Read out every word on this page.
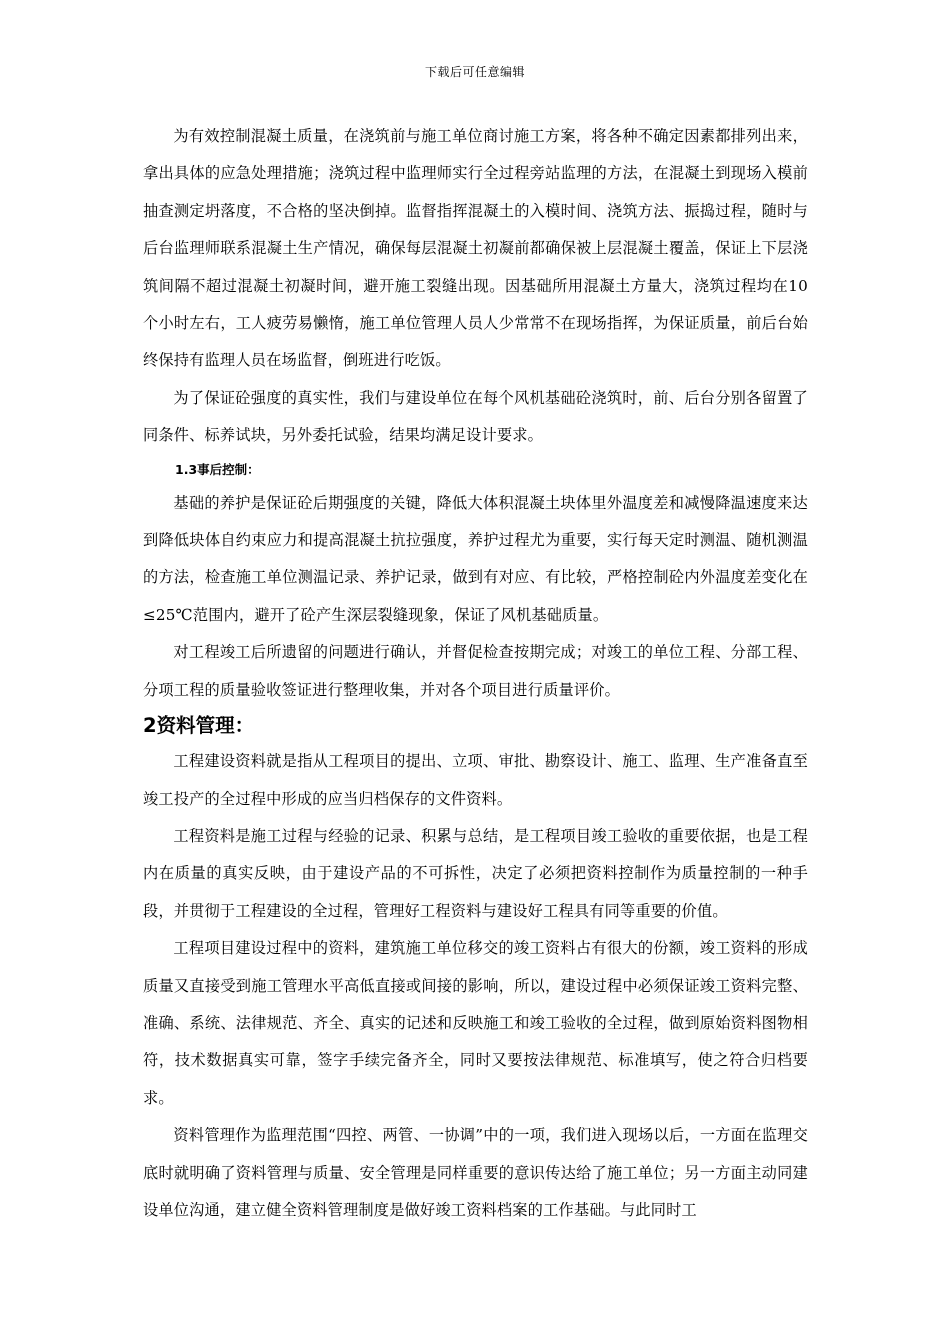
下载后可任意编辑

为有效控制混凝土质量，在浇筑前与施工单位商讨施工方案，将各种不确定因素都排列出来，拿出具体的应急处理措施；浇筑过程中监理师实行全过程旁站监理的方法，在混凝土到现场入模前抽查测定坍落度，不合格的坚决倒掉。监督指挥混凝土的入模时间、浇筑方法、振捣过程，随时与后台监理师联系混凝土生产情况，确保每层混凝土初凝前都确保被上层混凝土覆盖，保证上下层浇筑间隔不超过混凝土初凝时间，避开施工裂缝出现。因基础所用混凝土方量大，浇筑过程均在10个小时左右，工人疲劳易懒惰，施工单位管理人员人少常常不在现场指挥，为保证质量，前后台始终保持有监理人员在场监督，倒班进行吃饭。

为了保证砼强度的真实性，我们与建设单位在每个风机基础砼浇筑时，前、后台分别各留置了同条件、标养试块，另外委托试验，结果均满足设计要求。

1.3事后控制：

基础的养护是保证砼后期强度的关键，降低大体积混凝土块体里外温度差和减慢降温速度来达到降低块体自约束应力和提高混凝土抗拉强度，养护过程尤为重要，实行每天定时测温、随机测温的方法，检查施工单位测温记录、养护记录，做到有对应、有比较，严格控制砼内外温度差变化在≤25℃范围内，避开了砼产生深层裂缝现象，保证了风机基础质量。

对工程竣工后所遗留的问题进行确认，并督促检查按期完成；对竣工的单位工程、分部工程、分项工程的质量验收签证进行整理收集，并对各个项目进行质量评价。

2资料管理：

工程建设资料就是指从工程项目的提出、立项、审批、勘察设计、施工、监理、生产准备直至竣工投产的全过程中形成的应当归档保存的文件资料。

工程资料是施工过程与经验的记录、积累与总结，是工程项目竣工验收的重要依据，也是工程内在质量的真实反映，由于建设产品的不可拆性，决定了必须把资料控制作为质量控制的一种手段，并贯彻于工程建设的全过程，管理好工程资料与建设好工程具有同等重要的价值。

工程项目建设过程中的资料，建筑施工单位移交的竣工资料占有很大的份额，竣工资料的形成质量又直接受到施工管理水平高低直接或间接的影响，所以，建设过程中必须保证竣工资料完整、准确、系统、法律规范、齐全、真实的记述和反映施工和竣工验收的全过程，做到原始资料图物相符，技术数据真实可靠，签字手续完备齐全，同时又要按法律规范、标准填写，使之符合归档要求。

资料管理作为监理范围“四控、两管、一协调”中的一项，我们进入现场以后，一方面在监理交底时就明确了资料管理与质量、安全管理是同样重要的意识传达给了施工单位；另一方面主动同建设单位沟通，建立健全资料管理制度是做好竣工资料档案的工作基础。与此同时工
